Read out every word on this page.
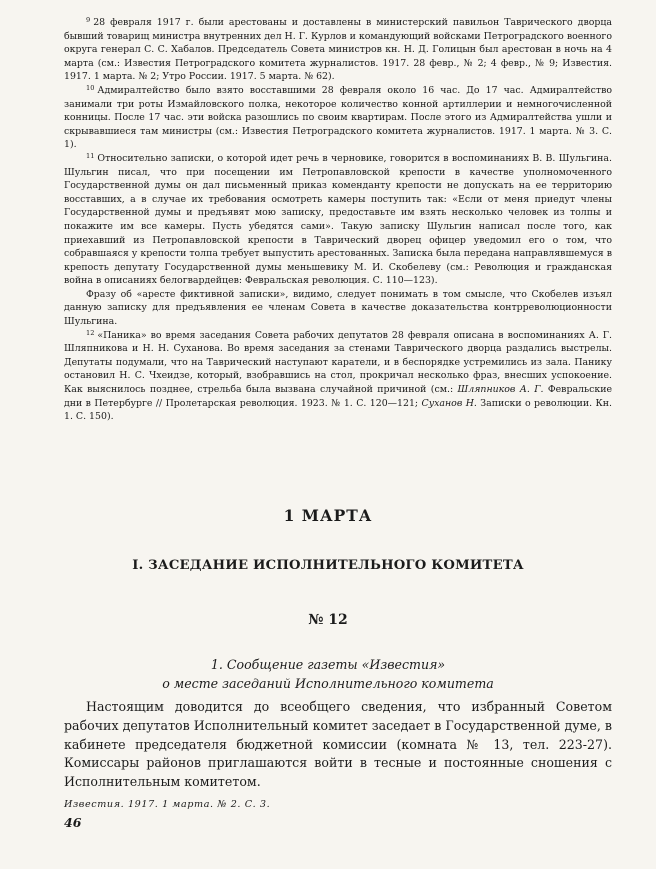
$^9$ 28 февраля 1917 г. были арестованы и доставлены в министерский павильон Таврического дворца бывший товарищ министра внутренних дел Н. Г. Курлов и командующий войсками Петроградского военного округа генерал С. С. Хабалов. Председатель Совета министров кн. Н. Д. Голицын был арестован в ночь на 4 марта (см.: Известия Петроградского комитета журналистов. 1917. 28 февр., № 2; 4 февр., № 9; Известия. 1917. 1 марта. № 2; Утро России. 1917. 5 марта. № 62).

$^{10}$ Адмиралтейство было взято восставшими 28 февраля около 16 час. До 17 час. Адмиралтейство занимали три роты Измайловского полка, некоторое количество конной артиллерии и немногочисленной конницы. После 17 час. эти войска разошлись по своим квартирам. После этого из Адмиралтейства ушли и скрывавшиеся там министры (см.: Известия Петроградского комитета журналистов. 1917. 1 марта. № 3. С. 1).

$^{11}$ Относительно записки, о которой идет речь в черновике, говорится в воспоминаниях В. В. Шульгина. Шульгин писал, что при посещении им Петропавловской крепости в качестве уполномоченного Государственной думы он дал письменный приказ коменданту крепости не допускать на ее территорию восставших, а в случае их требования осмотреть камеры поступить так: «Если от меня приедут члены Государственной думы и предъявят мою записку, предоставьте им взять несколько человек из толпы и покажите им все камеры. Пусть убедятся сами». Такую записку Шульгин написал после того, как приехавший из Петропавловской крепости в Таврический дворец офицер уведомил его о том, что собравшаяся у крепости толпа требует выпустить арестованных. Записка была передана направлявшемуся в крепость депутату Государственной думы меньшевику М. И. Скобелеву (см.: Революция и гражданская война в описаниях белогвардейцев: Февральская революция. С. 110—123).

Фразу об «аресте фиктивной записки», видимо, следует понимать в том смысле, что Скобелев изъял данную записку для предъявления ее членам Совета в качестве доказательства контрреволюционности Шульгина.

$^{12}$ «Паника» во время заседания Совета рабочих депутатов 28 февраля описана в воспоминаниях А. Г. Шляпникова и Н. Н. Суханова. Во время заседания за стенами Таврического дворца раздались выстрелы. Депутаты подумали, что на Таврический наступают каратели, и в беспорядке устремились из зала. Панику остановил Н. С. Чхеидзе, который, взобравшись на стол, прокричал несколько фраз, внесших успокоение. Как выяснилось позднее, стрельба была вызвана случайной причиной (см.: Шляпников А. Г. Февральские дни в Петербурге // Пролетарская революция. 1923. № 1. С. 120—121; Суханов Н. Записки о революции. Кн. 1. С. 150).

1 МАРТА
I. ЗАСЕДАНИЕ ИСПОЛНИТЕЛЬНОГО КОМИТЕТА
№ 12
1. Сообщение газеты «Известия»
о месте заседаний Исполнительного комитета

Настоящим доводится до всеобщего сведения, что избранный Советом рабочих депутатов Исполнительный комитет заседает в Государственной думе, в кабинете председателя бюджетной комиссии (комната № 13, тел. 223-27). Комиссары районов приглашаются войти в тесные и постоянные сношения с Исполнительным комитетом.

Известия. 1917. 1 марта. № 2. С. 3.

46
